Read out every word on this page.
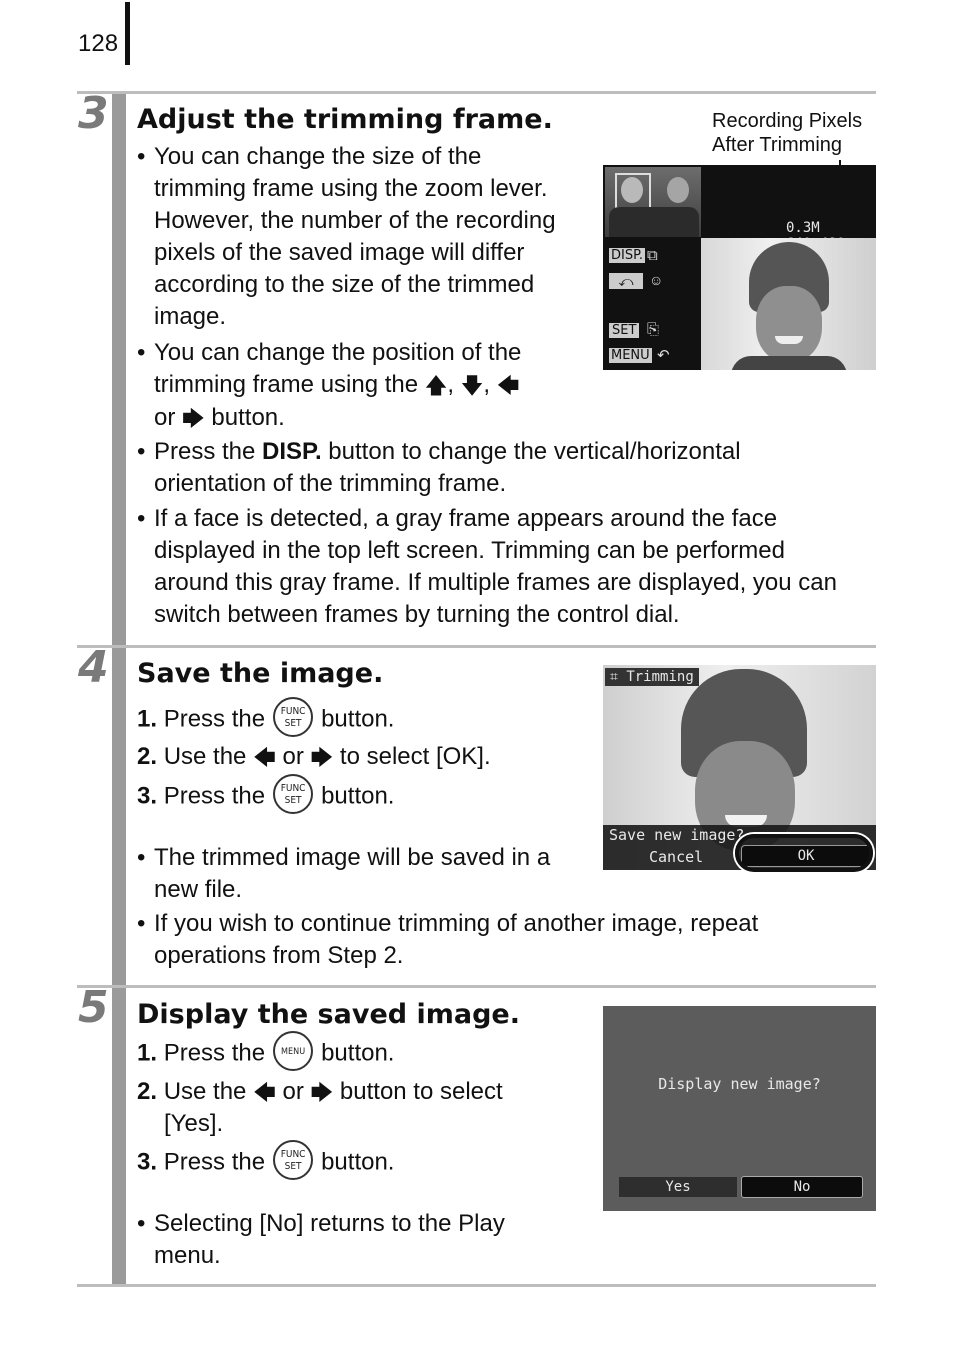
128
3 Adjust the trimming frame.	Recording Pixels
After Trimming
0.3M
DISP. ⧉
⤺	☺
SET ⎘
MENU ↶
• You can change the size of the
trimming frame using the zoom lever.
However, the number of the recording
pixels of the saved image will differ
according to the size of the trimmed
image.
• You can change the position of the
trimming frame using the 🡅, 🡇, 🡄
or 🡆 button.
• Press the DISP. button to change the vertical/horizontal
orientation of the trimming frame.
• If a face is detected, a gray frame appears around the face
displayed in the top left screen. Trimming can be performed
around this gray frame. If multiple frames are displayed, you can
switch between frames by turning the control dial.
4 Save the image.
1. Press the FUNC
SET button.
2. Use the 🡄 or 🡆 to select [OK].
3. Press the FUNC
SET button.
⌗ Trimming
Save new image?
Cancel	OK
• The trimmed image will be saved in a
new file.
• If you wish to continue trimming of another image, repeat
operations from Step 2.
5 Display the saved image.
1. Press the MENU button.
2. Use the 🡄 or 🡆 button to select
[Yes].
3. Press the FUNC
SET button.
Display new image?
Yes	No
• Selecting [No] returns to the Play
menu.
